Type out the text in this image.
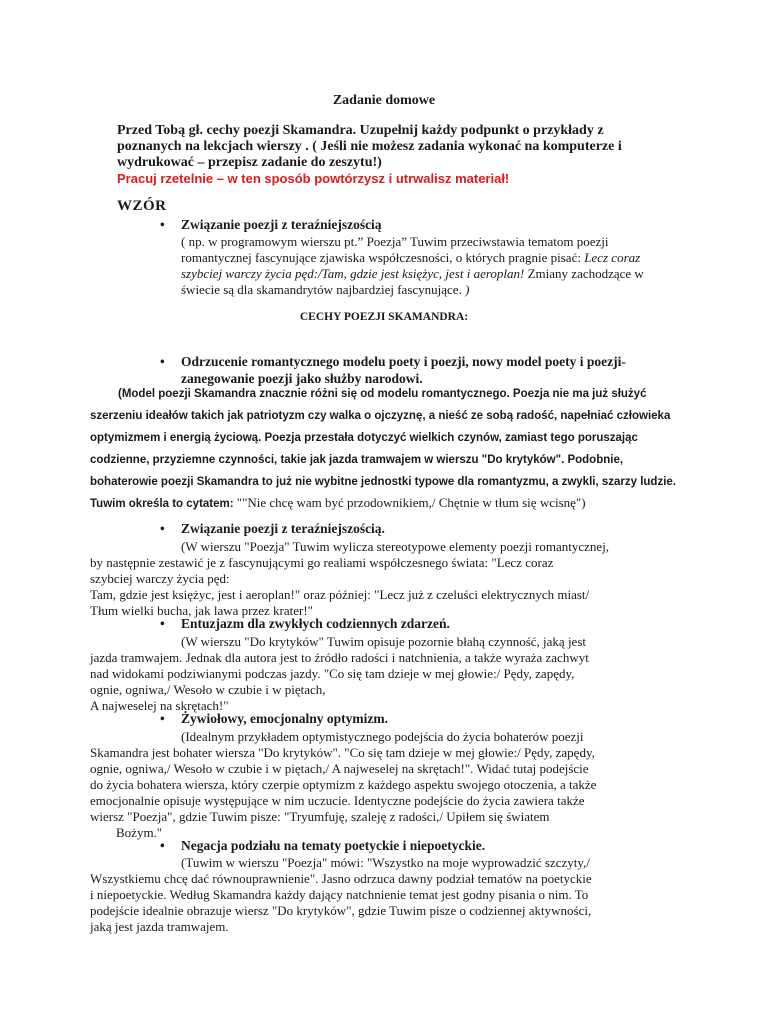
Zadanie domowe
Przed Tobą gł. cechy poezji Skamandra. Uzupełnij każdy podpunkt o przykłady z poznanych na lekcjach wierszy . ( Jeśli nie możesz zadania wykonać na komputerze i wydrukować – przepisz zadanie do zeszytu!)
Pracuj rzetelnie – w ten sposób powtórzysz i utrwalisz materiał!
WZÓR
• Związanie poezji z teraźniejszością
( np. w programowym wierszu pt.” Poezja” Tuwim przeciwstawia tematom poezji romantycznej fascynujące zjawiska współczesności, o których pragnie pisać: Lecz coraz szybciej warczy życia pęd:/Tam, gdzie jest księżyc, jest i aeroplan! Zmiany zachodzące w świecie są dla skamandrytów najbardziej fascynujące. )
CECHY POEZJI SKAMANDRA:
• Odrzucenie romantycznego modelu poety i poezji, nowy model poety i poezji- zanegowanie poezji jako służby narodowi.
(Model poezji Skamandra znacznie różni się od modelu romantycznego. Poezja nie ma już służyć szerzeniu ideałów takich jak patriotyzm czy walka o ojczyznę, a nieść ze sobą radość, napełniać człowieka optymizmem i energią życiową. Poezja przestała dotyczyć wielkich czynów, zamiast tego poruszając codzienne, przyziemne czynności, takie jak jazda tramwajem w wierszu "Do krytyków". Podobnie, bohaterowie poezji Skamandra to już nie wybitne jednostki typowe dla romantyzmu, a zwykli, szarzy ludzie. Tuwim określa to cytatem: ""Nie chcę wam być przodownikiem,/ Chętnie w tłum się wcisnę")
• Związanie poezji z teraźniejszością.
(W wierszu "Poezja" Tuwim wylicza stereotypowe elementy poezji romantycznej,
by następnie zestawić je z fascynującymi go realiami współczesnego świata: "Lecz coraz
szybciej warczy życia pęd:
Tam, gdzie jest księżyc, jest i aeroplan!" oraz później: "Lecz już z czeluści elektrycznych miast/
Tłum wielki bucha, jak lawa przez krater!"
• Entuzjazm dla zwykłych codziennych zdarzeń.
(W wierszu "Do krytyków" Tuwim opisuje pozornie błahą czynność, jaką jest
jazda tramwajem. Jednak dla autora jest to źródło radości i natchnienia, a także wyraża zachwyt
nad widokami podziwianymi podczas jazdy. "Co się tam dzieje w mej głowie:/ Pędy, zapędy,
ognie, ogniwa,/ Wesoło w czubie i w piętach,
A najweselej na skrętach!"
• Żywiołowy, emocjonalny optymizm.
(Idealnym przykładem optymistycznego podejścia do życia bohaterów poezji
Skamandra jest bohater wiersza "Do krytyków". "Co się tam dzieje w mej głowie:/ Pędy, zapędy,
ognie, ogniwa,/ Wesoło w czubie i w piętach,/ A najweselej na skrętach!". Widać tutaj podejście
do życia bohatera wiersza, który czerpie optymizm z każdego aspektu swojego otoczenia, a także
emocjonalnie opisuje występujące w nim uczucie. Identyczne podejście do życia zawiera także
wiersz "Poezja", gdzie Tuwim pisze: "Tryumfuję, szaleję z radości,/ Upiłem się światem
Bożym."
• Negacja podziału na tematy poetyckie i niepoetyckie.
(Tuwim w wierszu "Poezja" mówi: "Wszystko na moje wyprowadzić szczyty,/
Wszystkiemu chcę dać równouprawnienie". Jasno odrzuca dawny podział tematów na poetyckie
i niepoetyckie. Według Skamandra każdy dający natchnienie temat jest godny pisania o nim. To
podejście idealnie obrazuje wiersz "Do krytyków", gdzie Tuwim pisze o codziennej aktywności,
jaką jest jazda tramwajem.
